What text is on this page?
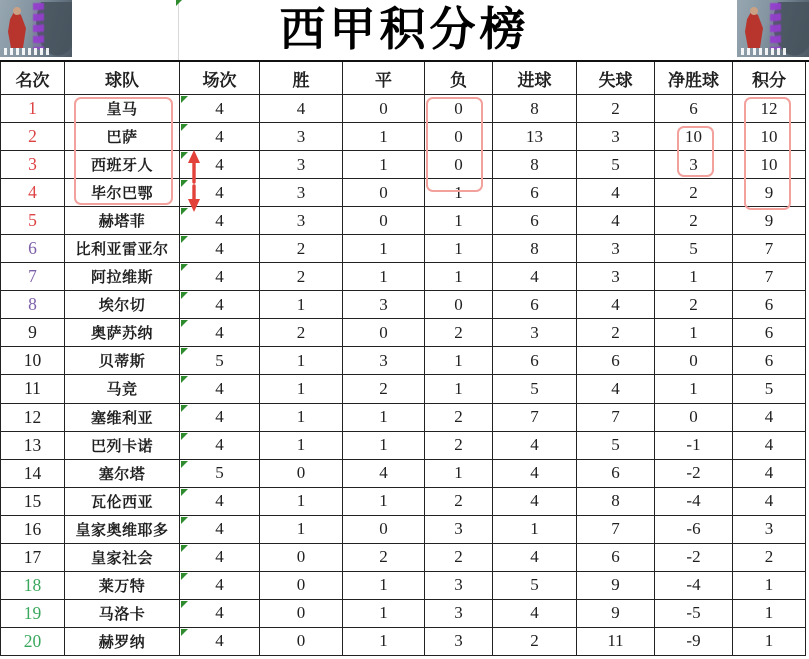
西甲积分榜
名次	球队	场次	胜	平	负	进球	失球	净胜球	积分
1	皇马	4	4	0	0	8	2	6	12
2	巴萨	4	3	1	0	13	3	10	10
3	西班牙人	4	3	1	0	8	5	3	10
4	毕尔巴鄂	4	3	0	1	6	4	2	9
5	赫塔菲	4	3	0	1	6	4	2	9
6	比利亚雷亚尔	4	2	1	1	8	3	5	7
7	阿拉维斯	4	2	1	1	4	3	1	7
8	埃尔切	4	1	3	0	6	4	2	6
9	奥萨苏纳	4	2	0	2	3	2	1	6
10	贝蒂斯	5	1	3	1	6	6	0	6
11	马竞	4	1	2	1	5	4	1	5
12	塞维利亚	4	1	1	2	7	7	0	4
13	巴列卡诺	4	1	1	2	4	5	-1	4
14	塞尔塔	5	0	4	1	4	6	-2	4
15	瓦伦西亚	4	1	1	2	4	8	-4	4
16	皇家奥维耶多	4	1	0	3	1	7	-6	3
17	皇家社会	4	0	2	2	4	6	-2	2
18	莱万特	4	0	1	3	5	9	-4	1
19	马洛卡	4	0	1	3	4	9	-5	1
20	赫罗纳	4	0	1	3	2	11	-9	1
